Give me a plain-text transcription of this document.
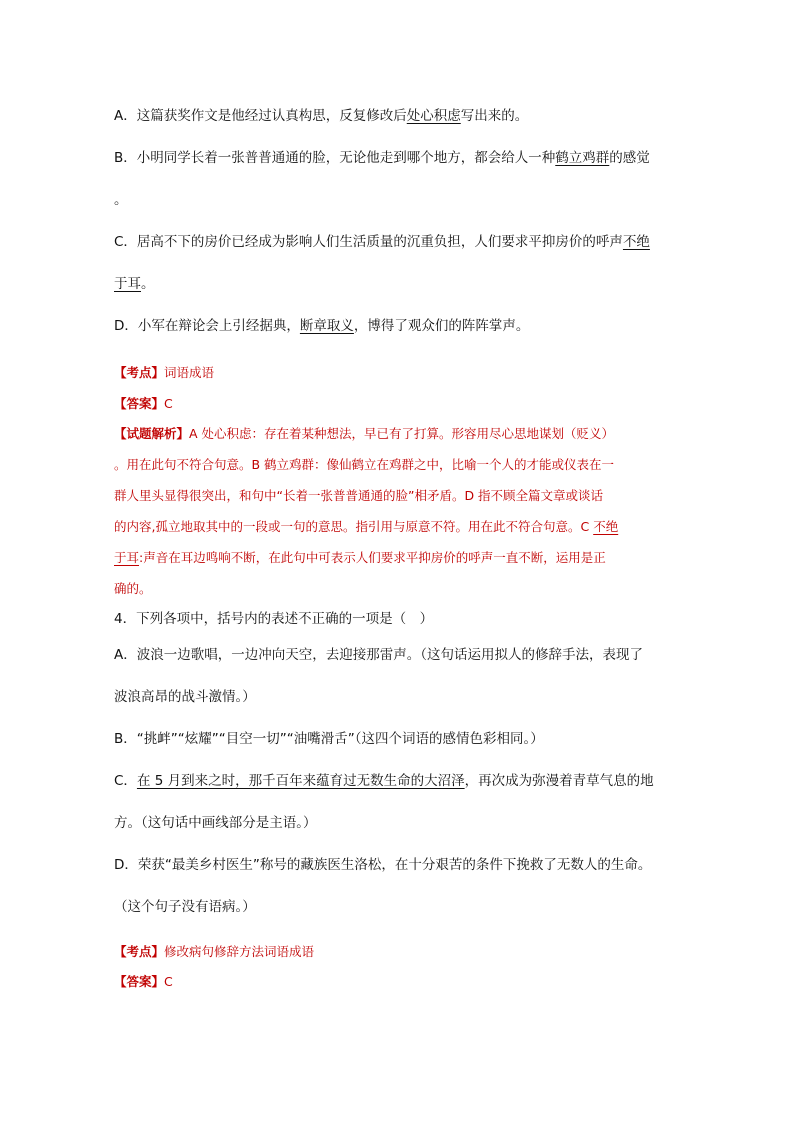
A．这篇获奖作文是他经过认真构思，反复修改后处心积虑写出来的。
B．小明同学长着一张普普通通的脸，无论他走到哪个地方，都会给人一种鹤立鸡群的感觉
。
C．居高不下的房价已经成为影响人们生活质量的沉重负担，人们要求平抑房价的呼声不绝
于耳。
D．小军在辩论会上引经据典，断章取义，博得了观众们的阵阵掌声。
【考点】词语成语
【答案】C
【试题解析】A 处心积虑：存在着某种想法，早已有了打算。形容用尽心思地谋划（贬义）
。用在此句不符合句意。B 鹤立鸡群：像仙鹤立在鸡群之中，比喻一个人的才能或仪表在一
群人里头显得很突出，和句中“长着一张普普通通的脸”相矛盾。D 指不顾全篇文章或谈话
的内容,孤立地取其中的一段或一句的意思。指引用与原意不符。用在此不符合句意。C 不绝
于耳:声音在耳边鸣响不断，在此句中可表示人们要求平抑房价的呼声一直不断，运用是正
确的。
4．下列各项中，括号内的表述不正确的一项是（　）
A．波浪一边歌唱，一边冲向天空，去迎接那雷声。（这句话运用拟人的修辞手法，表现了
波浪高昂的战斗激情。）
B．“挑衅”“炫耀”“目空一切”“油嘴滑舌”（这四个词语的感情色彩相同。）
C．在 5 月到来之时，那千百年来蕴育过无数生命的大沼泽，再次成为弥漫着青草气息的地
方。（这句话中画线部分是主语。）
D．荣获“最美乡村医生”称号的藏族医生洛松，在十分艰苦的条件下挽救了无数人的生命。
（这个句子没有语病。）
【考点】修改病句修辞方法词语成语
【答案】C
